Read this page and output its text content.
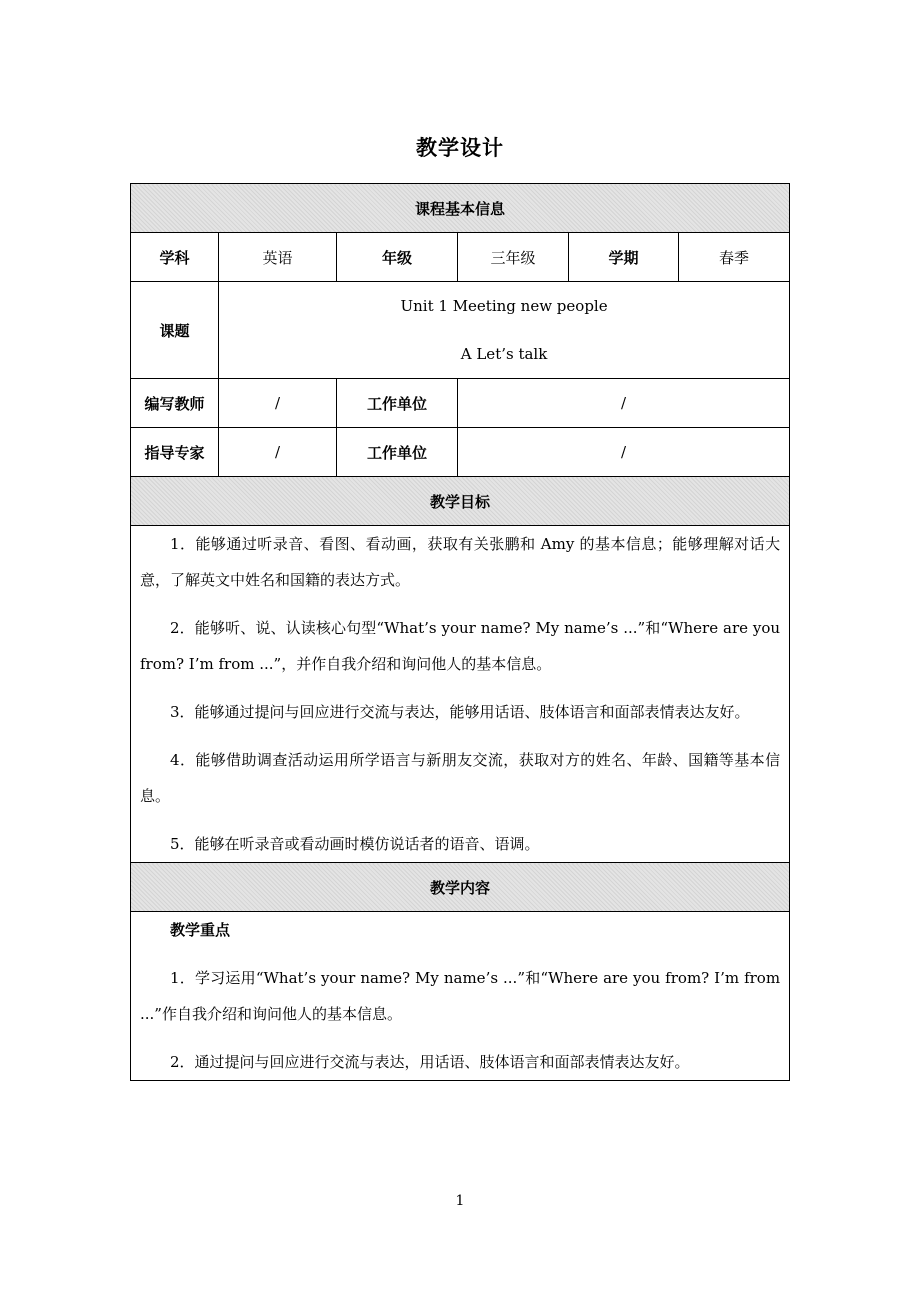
教学设计
课程基本信息					
学科	英语	年级	三年级	学期	春季
课题	Unit 1 Meeting new people
A Let’s talk				

编写教师	/	工作单位	/		
指导专家	/	工作单位	/		
教学目标					

1．能够通过听录音、看图、看动画，获取有关张鹏和 Amy 的基本信息；能够理解对话大意，了解英文中姓名和国籍的表达方式。

2．能够听、说、认读核心句型“What’s your name? My name’s ...”和“Where are you from? I’m from ...”，并作自我介绍和询问他人的基本信息。

3．能够通过提问与回应进行交流与表达，能够用话语、肢体语言和面部表情表达友好。

4．能够借助调查活动运用所学语言与新朋友交流，获取对方的姓名、年龄、国籍等基本信息。

5．能够在听录音或看动画时模仿说话者的语音、语调。					

教学内容					

教学重点

1．学习运用“What’s your name? My name’s ...”和“Where are you from? I’m from ...”作自我介绍和询问他人的基本信息。

2．通过提问与回应进行交流与表达，用话语、肢体语言和面部表情表达友好。					

1
